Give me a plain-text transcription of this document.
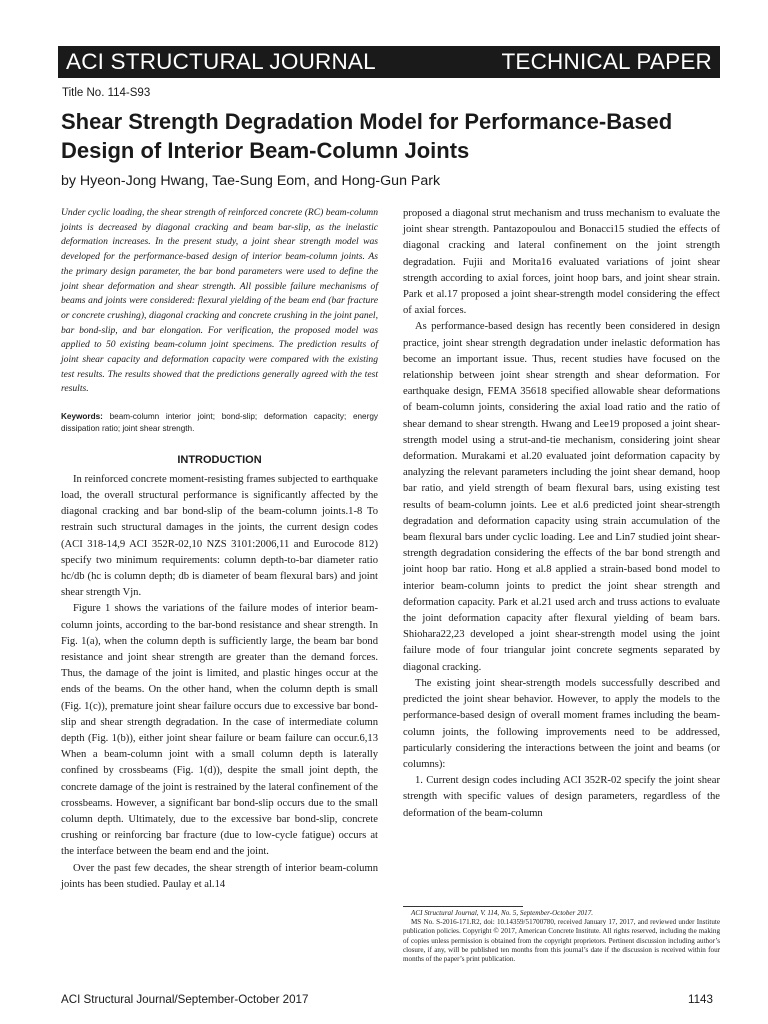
ACI STRUCTURAL JOURNAL	TECHNICAL PAPER
Title No. 114-S93
Shear Strength Degradation Model for Performance-Based Design of Interior Beam-Column Joints
by Hyeon-Jong Hwang, Tae-Sung Eom, and Hong-Gun Park

Under cyclic loading, the shear strength of reinforced concrete (RC) beam-column joints is decreased by diagonal cracking and beam bar-slip, as the inelastic deformation increases. In the present study, a joint shear strength model was developed for the performance-based design of interior beam-column joints. As the primary design parameter, the bar bond parameters were used to define the joint shear deformation and shear strength. All possible failure mechanisms of beams and joints were considered: flexural yielding of the beam end (bar fracture or concrete crushing), diagonal cracking and concrete crushing in the joint panel, bar bond-slip, and bar elongation. For verification, the proposed model was applied to 50 existing beam-column joint specimens. The prediction results of joint shear capacity and deformation capacity were compared with the existing test results. The results showed that the predictions generally agreed with the test results.

Keywords: beam-column interior joint; bond-slip; deformation capacity; energy dissipation ratio; joint shear strength.

INTRODUCTION

In reinforced concrete moment-resisting frames subjected to earthquake load, the overall structural performance is significantly affected by the diagonal cracking and bar bond-slip of the beam-column joints.1-8 To restrain such structural damages in the joints, the current design codes (ACI 318-14,9 ACI 352R-02,10 NZS 3101:2006,11 and Eurocode 812) specify two minimum requirements: column depth-to-bar diameter ratio hc/db (hc is column depth; db is diameter of beam flexural bars) and joint shear strength Vjn.

Figure 1 shows the variations of the failure modes of interior beam-column joints, according to the bar-bond resistance and shear strength. In Fig. 1(a), when the column depth is sufficiently large, the beam bar bond resistance and joint shear strength are greater than the demand forces. Thus, the damage of the joint is limited, and plastic hinges occur at the ends of the beams. On the other hand, when the column depth is small (Fig. 1(c)), premature joint shear failure occurs due to excessive bar bond-slip and shear strength degradation. In the case of intermediate column depth (Fig. 1(b)), either joint shear failure or beam failure can occur.6,13 When a beam-column joint with a small column depth is laterally confined by crossbeams (Fig. 1(d)), despite the small joint depth, the concrete damage of the joint is restrained by the lateral confinement of the crossbeams. However, a significant bar bond-slip occurs due to the small column depth. Ultimately, due to the excessive bar bond-slip, concrete crushing or reinforcing bar fracture (due to low-cycle fatigue) occurs at the interface between the beam end and the joint.

Over the past few decades, the shear strength of interior beam-column joints has been studied. Paulay et al.14

proposed a diagonal strut mechanism and truss mechanism to evaluate the joint shear strength. Pantazopoulou and Bonacci15 studied the effects of diagonal cracking and lateral confinement on the joint strength degradation. Fujii and Morita16 evaluated variations of joint shear strength according to axial forces, joint hoop bars, and joint shear strain. Park et al.17 proposed a joint shear-strength model considering the effect of axial forces.

As performance-based design has recently been considered in design practice, joint shear strength degradation under inelastic deformation has become an important issue. Thus, recent studies have focused on the relationship between joint shear strength and shear deformation. For earthquake design, FEMA 35618 specified allowable shear deformations of beam-column joints, considering the axial load ratio and the ratio of shear demand to shear strength. Hwang and Lee19 proposed a joint shear-strength model using a strut-and-tie mechanism, considering joint shear deformation. Murakami et al.20 evaluated joint deformation capacity by analyzing the relevant parameters including the joint shear demand, hoop bar ratio, and yield strength of beam flexural bars, using existing test results of beam-column joints. Lee et al.6 predicted joint shear-strength degradation and deformation capacity using strain accumulation of the beam flexural bars under cyclic loading. Lee and Lin7 studied joint shear-strength degradation considering the effects of the bar bond strength and joint hoop bar ratio. Hong et al.8 applied a strain-based bond model to interior beam-column joints to predict the joint shear strength and deformation capacity. Park et al.21 used arch and truss actions to evaluate the joint deformation capacity after flexural yielding of beam bars. Shiohara22,23 developed a joint shear-strength model using the joint failure mode of four triangular joint concrete segments separated by diagonal cracking.

The existing joint shear-strength models successfully described and predicted the joint shear behavior. However, to apply the models to the performance-based design of overall moment frames including the beam-column joints, the following improvements need to be addressed, particularly considering the interactions between the joint and beams (or columns):

1. Current design codes including ACI 352R-02 specify the joint shear strength with specific values of design parameters, regardless of the deformation of the beam-column

ACI Structural Journal, V. 114, No. 5, September-October 2017.
MS No. S-2016-171.R2, doi: 10.14359/51700780, received January 17, 2017, and reviewed under Institute publication policies. Copyright © 2017, American Concrete Institute. All rights reserved, including the making of copies unless permission is obtained from the copyright proprietors. Pertinent discussion including author’s closure, if any, will be published ten months from this journal’s date if the discussion is received within four months of the paper’s print publication.
ACI Structural Journal/September-October 2017	1143
